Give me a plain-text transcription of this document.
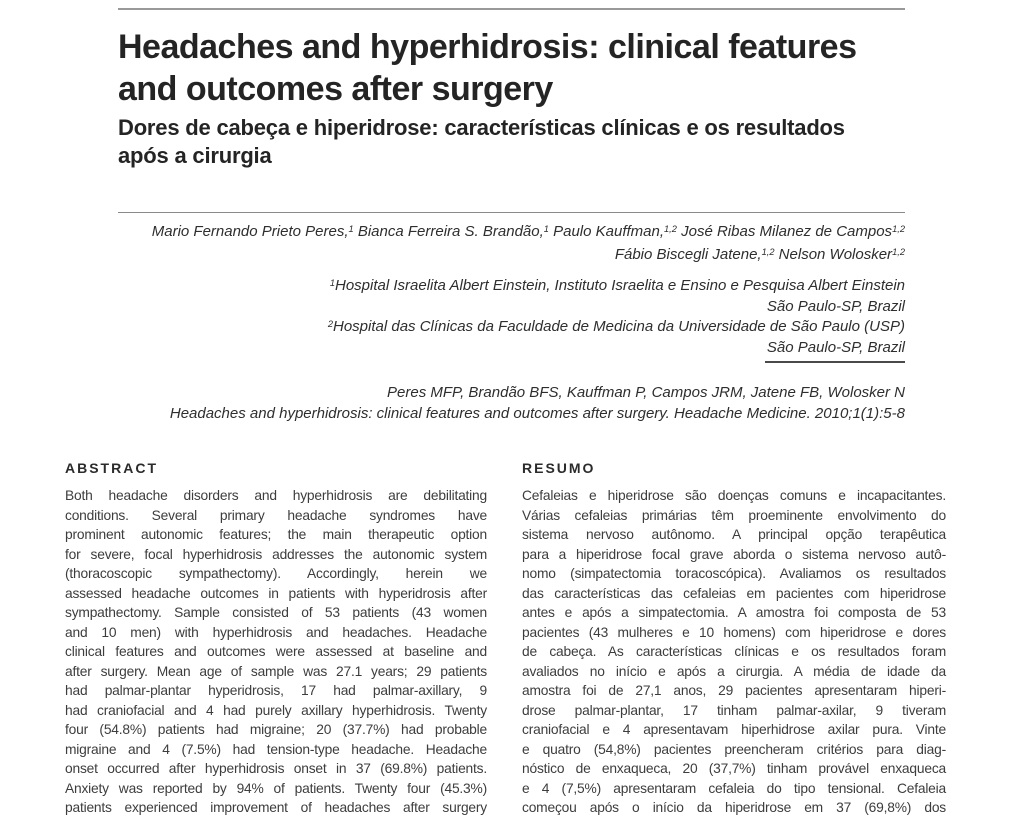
Headaches and hyperhidrosis: clinical features
and outcomes after surgery
Dores de cabeça e hiperidrose: características clínicas e os resultados
após a cirurgia
Mario Fernando Prieto Peres,$^1$ Bianca Ferreira S. Brandão,$^1$ Paulo Kauffman,$^{1,2}$ José Ribas Milanez de Campos$^{1,2}$
Fábio Biscegli Jatene,$^{1,2}$ Nelson Wolosker$^{1,2}$
$^1$Hospital Israelita Albert Einstein, Instituto Israelita e Ensino e Pesquisa Albert Einstein
São Paulo-SP, Brazil
$^2$Hospital das Clínicas da Faculdade de Medicina da Universidade de São Paulo (USP)
São Paulo-SP, Brazil
Peres MFP, Brandão BFS, Kauffman P, Campos JRM, Jatene FB, Wolosker N
Headaches and hyperhidrosis: clinical features and outcomes after surgery. Headache Medicine. 2010;1(1):5-8
ABSTRACT
Both headache disorders and hyperhidrosis are debilitating
conditions. Several primary headache syndromes have
prominent autonomic features; the main therapeutic option
for severe, focal hyperhidrosis addresses the autonomic system
(thoracoscopic sympathectomy). Accordingly, herein we
assessed headache outcomes in patients with hyperidrosis after
sympathectomy. Sample consisted of 53 patients (43 women
and 10 men) with hyperhidrosis and headaches. Headache
clinical features and outcomes were assessed at baseline and
after surgery. Mean age of sample was 27.1 years; 29 patients
had palmar-plantar hyperidrosis, 17 had palmar-axillary, 9
had craniofacial and 4 had purely axillary hyperhidrosis. Twenty
four (54.8%) patients had migraine; 20 (37.7%) had probable
migraine and 4 (7.5%) had tension-type headache. Headache
onset occurred after hyperhidrosis onset in 37 (69.8%) patients.
Anxiety was reported by 94% of patients. Twenty four (45.3%)
patients experienced improvement of headaches after surgery
RESUMO
Cefaleias e hiperidrose são doenças comuns e incapacitantes.
Várias cefaleias primárias têm proeminente envolvimento do
sistema nervoso autônomo. A principal opção terapêutica
para a hiperidrose focal grave aborda o sistema nervoso autô-
nomo (simpatectomia toracoscópica). Avaliamos os resultados
das características das cefaleias em pacientes com hiperidrose
antes e após a simpatectomia. A amostra foi composta de 53
pacientes (43 mulheres e 10 homens) com hiperidrose e dores
de cabeça. As características clínicas e os resultados foram
avaliados no início e após a cirurgia. A média de idade da
amostra foi de 27,1 anos, 29 pacientes apresentaram hiperi-
drose palmar-plantar, 17 tinham palmar-axilar, 9 tiveram
craniofacial e 4 apresentavam hiperhidrose axilar pura. Vinte
e quatro (54,8%) pacientes preencheram critérios para diag-
nóstico de enxaqueca, 20 (37,7%) tinham provável enxaqueca
e 4 (7,5%) apresentaram cefaleia do tipo tensional. Cefaleia
começou após o início da hiperidrose em 37 (69,8%) dos
